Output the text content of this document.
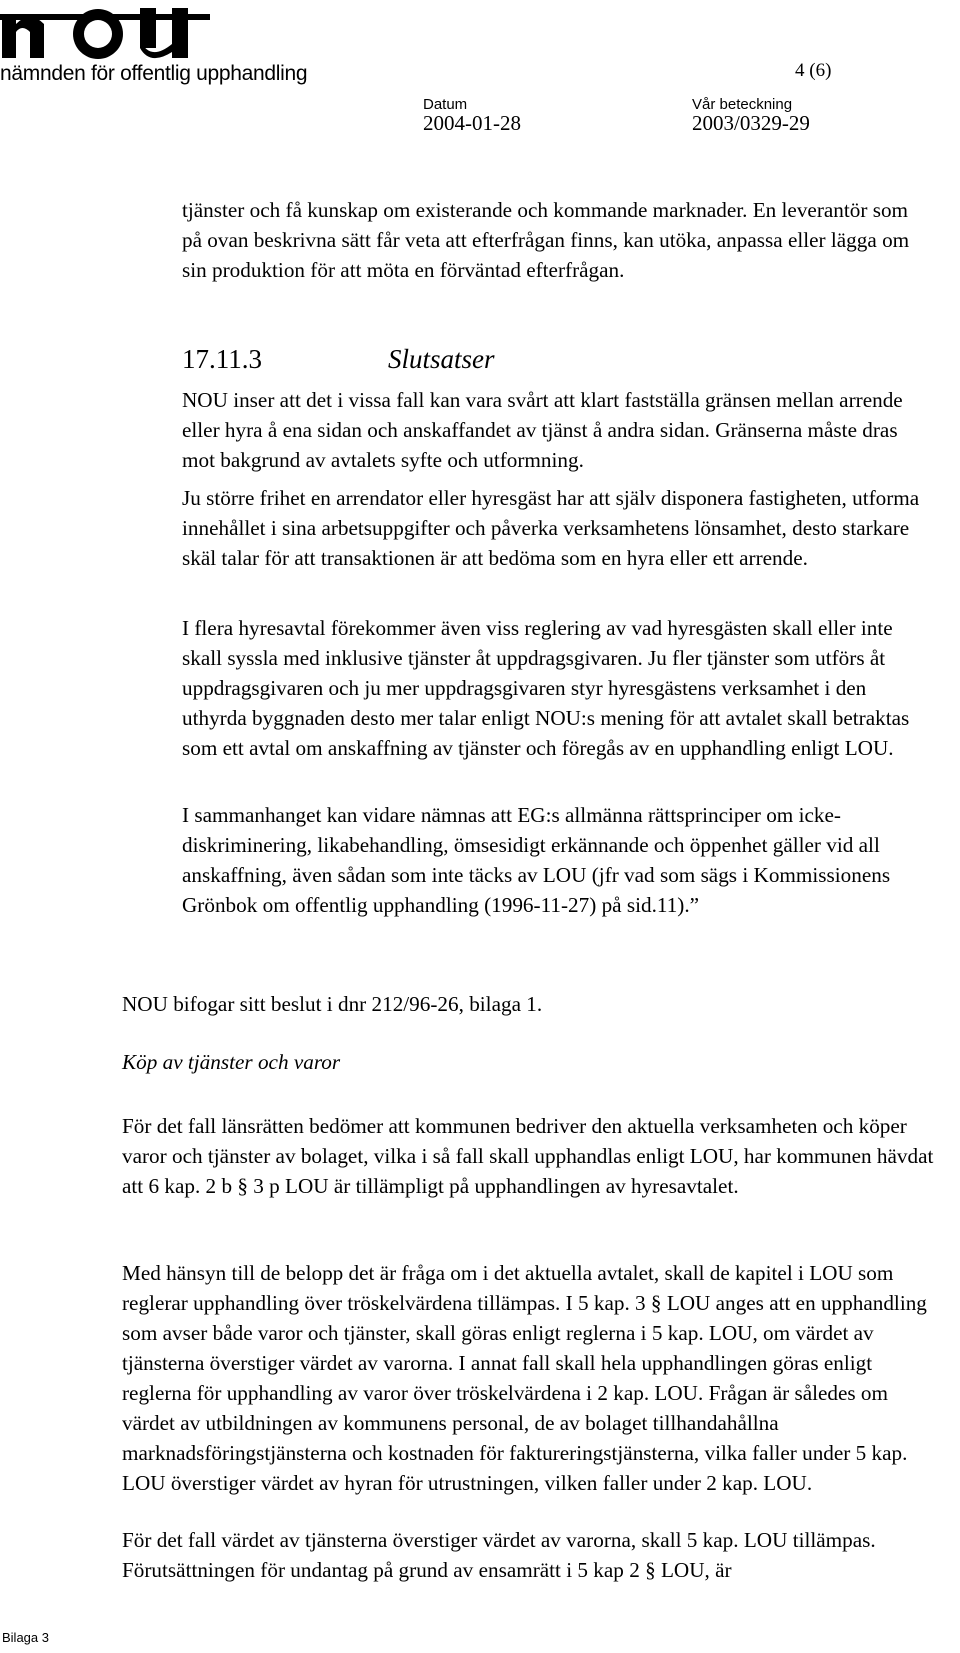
nämnden för offentlig upphandling	4 (6)
Datum
2004-01-28
Vår beteckning
2003/0329-29

tjänster och få kunskap om existerande och kommande marknader. En leverantör som på ovan beskrivna sätt får veta att efterfrågan finns, kan utöka, anpassa eller lägga om sin produktion för att möta en förväntad efterfrågan.

17.11.3	Slutsatser

NOU inser att det i vissa fall kan vara svårt att klart fastställa gränsen mellan arrende eller hyra å ena sidan och anskaffandet av tjänst å andra sidan. Gränserna måste dras mot bakgrund av avtalets syfte och utformning.

Ju större frihet en arrendator eller hyresgäst har att själv disponera fastigheten, utforma innehållet i sina arbetsuppgifter och påverka verksamhetens lönsamhet, desto starkare skäl talar för att transaktionen är att bedöma som en hyra eller ett arrende.

I flera hyresavtal förekommer även viss reglering av vad hyresgästen skall eller inte skall syssla med inklusive tjänster åt uppdragsgivaren. Ju fler tjänster som utförs åt uppdragsgivaren och ju mer uppdragsgivaren styr hyresgästens verksamhet i den uthyrda byggnaden desto mer talar enligt NOU:s mening för att avtalet skall betraktas som ett avtal om anskaffning av tjänster och föregås av en upphandling enligt LOU.

I sammanhanget kan vidare nämnas att EG:s allmänna rättsprinciper om icke-diskriminering, likabehandling, ömsesidigt erkännande och öppenhet gäller vid all anskaffning, även sådan som inte täcks av LOU (jfr vad som sägs i Kommissionens Grönbok om offentlig upphandling (1996-11-27) på sid.11).”

NOU bifogar sitt beslut i dnr 212/96-26, bilaga 1.

Köp av tjänster och varor

För det fall länsrätten bedömer att kommunen bedriver den aktuella verksamheten och köper varor och tjänster av bolaget, vilka i så fall skall upphandlas enligt LOU, har kommunen hävdat att 6 kap. 2 b § 3 p LOU är tillämpligt på upphandlingen av hyresavtalet.

Med hänsyn till de belopp det är fråga om i det aktuella avtalet, skall de kapitel i LOU som reglerar upphandling över tröskelvärdena tillämpas. I 5 kap. 3 § LOU anges att en upphandling som avser både varor och tjänster, skall göras enligt reglerna i 5 kap. LOU, om värdet av tjänsterna överstiger värdet av varorna. I annat fall skall hela upphandlingen göras enligt reglerna för upphandling av varor över tröskelvärdena i 2 kap. LOU. Frågan är således om värdet av utbildningen av kommunens personal, de av bolaget tillhandahållna marknadsföringstjänsterna och kostnaden för faktureringstjänsterna, vilka faller under 5 kap. LOU överstiger värdet av hyran för utrustningen, vilken faller under 2 kap. LOU.

För det fall värdet av tjänsterna överstiger värdet av varorna, skall 5 kap. LOU tillämpas. Förutsättningen för undantag på grund av ensamrätt i 5 kap 2 § LOU, är

Bilaga 3
